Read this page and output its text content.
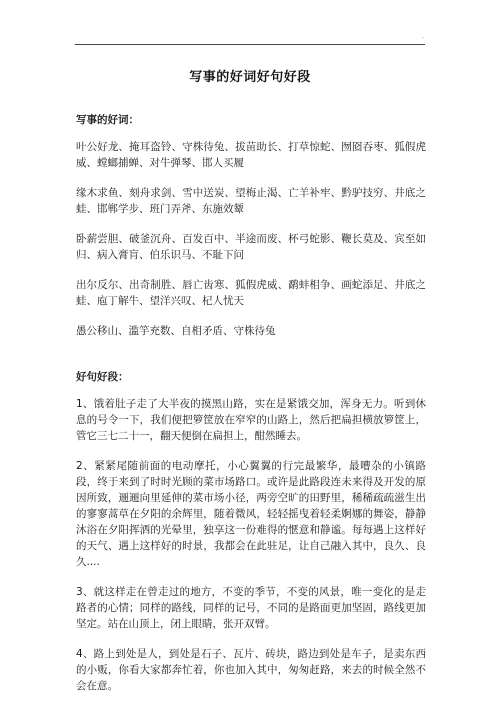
.
写事的好词好句好段
写事的好词：

叶公好龙、掩耳盗铃、守株待兔、拔苗助长、打草惊蛇、囫囵吞枣、狐假虎威、螳螂捕蝉、对牛弹琴、邯人买履

缘木求鱼、刻舟求剑、雪中送炭、望梅止渴、亡羊补牢、黔驴技穷、井底之蛙、邯郸学步、班门弄斧、东施效颦

卧薪尝胆、破釜沉舟、百发百中、半途而废、杯弓蛇影、鞭长莫及、宾至如归、病入膏肓、伯乐识马、不耻下问

出尔反尔、出奇制胜、唇亡齿寒、狐假虎威、鹬蚌相争、画蛇添足、井底之蛙、庖丁解牛、望洋兴叹、杞人忧天

愚公移山、滥竽充数、自相矛盾、守株待兔

好句好段：

1、饿着肚子走了大半夜的摸黑山路，实在是紧饿交加，浑身无力。听到休息的号令一下，我们便把箩筐放在窄窄的山路上，然后把扁担横放箩筐上，管它三七二十一，翻天便倒在扁担上，酣然睡去。

2、紧紧尾随前面的电动摩托，小心翼翼的行完最繁华，最嘈杂的小镇路段，终于来到了时时光顾的菜市场路口。或许是此路段连未来得及开发的原因所致，逦逦向里延伸的菜市场小径，两旁空旷的田野里，稀稀疏疏滋生出的寥寥蒿草在夕阳的余辉里，随着微风，轻轻摇曳着轻柔婀娜的舞姿，静静沐浴在夕阳挥洒的光晕里，独享这一份难得的惬意和静谧。每每遇上这样好的天气、遇上这样好的时景，我都会在此驻足，让自己融入其中，良久、良久....

3、就这样走在曾走过的地方，不变的季节，不变的风景，唯一变化的是走路者的心情；同样的路线，同样的记号，不同的是路面更加坚固，路线更加坚定。站在山顶上，闭上眼睛，张开双臂。

4、路上到处是人，到处是石子、瓦片、砖块，路边到处是车子，是卖东西的小贩，你看大家都奔忙着，你也加入其中，匆匆赶路，来去的时候全然不会在意。
